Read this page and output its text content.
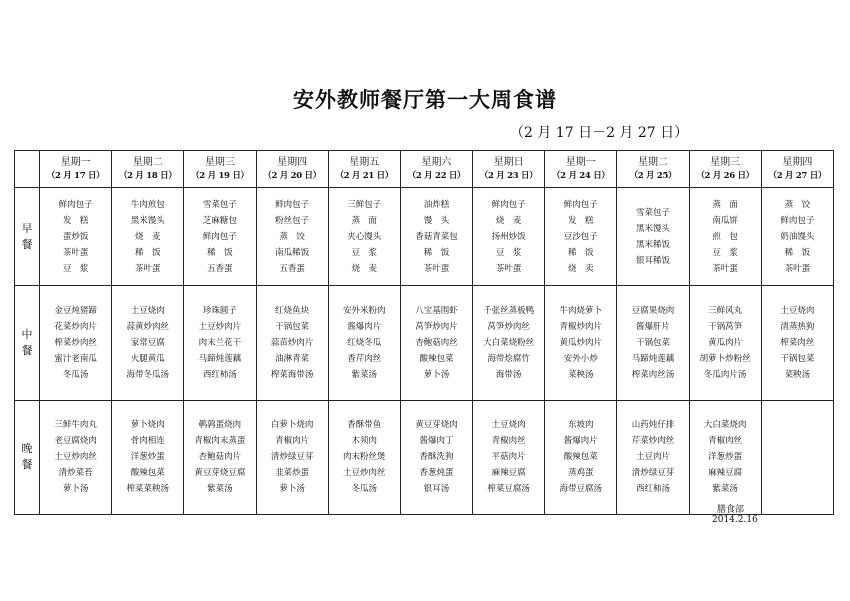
安外教师餐厅第一大周食谱
（2 月 17 日－2 月 27 日）

	星期一
（2 月 17 日）	星期二
（2 月 18 日）	星期三
（2 月 19 日）	星期四
（2 月 20 日）	星期五
（2 月 21 日）	星期六
（2 月 22 日）	星期日
（2 月 23 日）	星期一
（2 月 24 日）	星期二
（2 月 25）	星期三
（2 月 26 日）	星期四
（2 月 27 日）

早
餐	鲜肉包子
发　糕
蛋炒饭
茶叶蛋
豆　浆	牛肉煎包
黑米馒头
烧　麦
稀　饭
茶叶蛋	雪菜包子
芝麻糖包
鲜肉包子
稀　饭
五香蛋	鲜肉包子
粉丝包子
蒸　饺
南瓜稀饭
五香蛋	三鲜包子
蒸　面
夹心馒头
豆　浆
烧　麦	油炸糕
馒　头
香菇青菜包
稀　饭
茶叶蛋	鲜肉包子
烧　麦
扬州炒饭
豆　浆
茶叶蛋	鲜肉包子
发　糕
豆沙包子
稀　饭
烧　卖	雪菜包子
黑米馒头
黑米稀饭
银耳稀饭	蒸　面
南瓜饼
煎　包
豆　浆
茶叶蛋	蒸　饺
鲜肉包子
奶油馒头
稀　饭
茶叶蛋

中
餐	金豆炖猪蹄
花菜炒肉片
榨菜炒肉丝
蜜汁老南瓜
冬瓜汤	土豆烧肉
蒜黄炒肉丝
家常豆腐
火腿黄瓜
海带冬瓜汤	珍珠圆子
土豆炒肉片
肉末兰花干
马蹄炖莲藕
西红柿汤	红烧鱼块
干锅包菜
蒜苗炒肉片
油淋青菜
榨菜海带汤	安外米粉肉
酱爆肉片
红烧冬瓜
香芹肉丝
紫菜汤	八宝基围虾
莴笋炒肉片
杏鲍菇肉丝
酸辣包菜
萝卜汤	千张丝蒸板鸭
莴笋炒肉丝
大白菜烧粉丝
海带烩腐竹
海带汤	牛肉烧萝卜
青椒炒肉片
黄瓜炒肉片
安外小炒
菜秧汤	豆腐果烧肉
酱爆肝片
干锅包菜
马蹄炖莲藕
榨菜肉丝汤	三鲜风丸
干锅莴笋
黄瓜肉片
胡萝卜炒粉丝
冬瓜肉片汤	土豆烧肉
清蒸热狗
榨菜肉丝
干锅包菜
菜秧汤

晚
餐	三鲜牛肉丸
老豆腐烧肉
土豆炒肉丝
清炒菜苔
萝卜汤	萝卜烧肉
骨肉相连
洋葱炒蛋
酸辣包菜
榨菜菜秧汤	鹌鹑蛋烧肉
青椒肉末蒸蛋
杏鲍菇肉片
黄豆芽烧豆腐
紫菜汤	白萝卜烧肉
青椒肉片
清炒绿豆芽
韭菜炒蛋
萝卜汤	香酥带鱼
木须肉
肉末粉丝煲
土豆炒肉丝
冬瓜汤	黄豆芽烧肉
酱爆肉丁
香酥洗狗
香葱炖蛋
银耳汤	土豆烧肉
青椒肉丝
平菇肉片
麻辣豆腐
榨菜豆腐汤	东坡肉
酱爆肉片
酸辣包菜
蒸鸡蛋
海带豆腐汤	山药炖仔排
芹菜炒肉丝
土豆肉片
清炒绿豆芽
西红柿汤	大白菜烧肉
青椒肉丝
洋葱炒蛋
麻辣豆腐
紫菜汤	

膳食部
2014.2.16
